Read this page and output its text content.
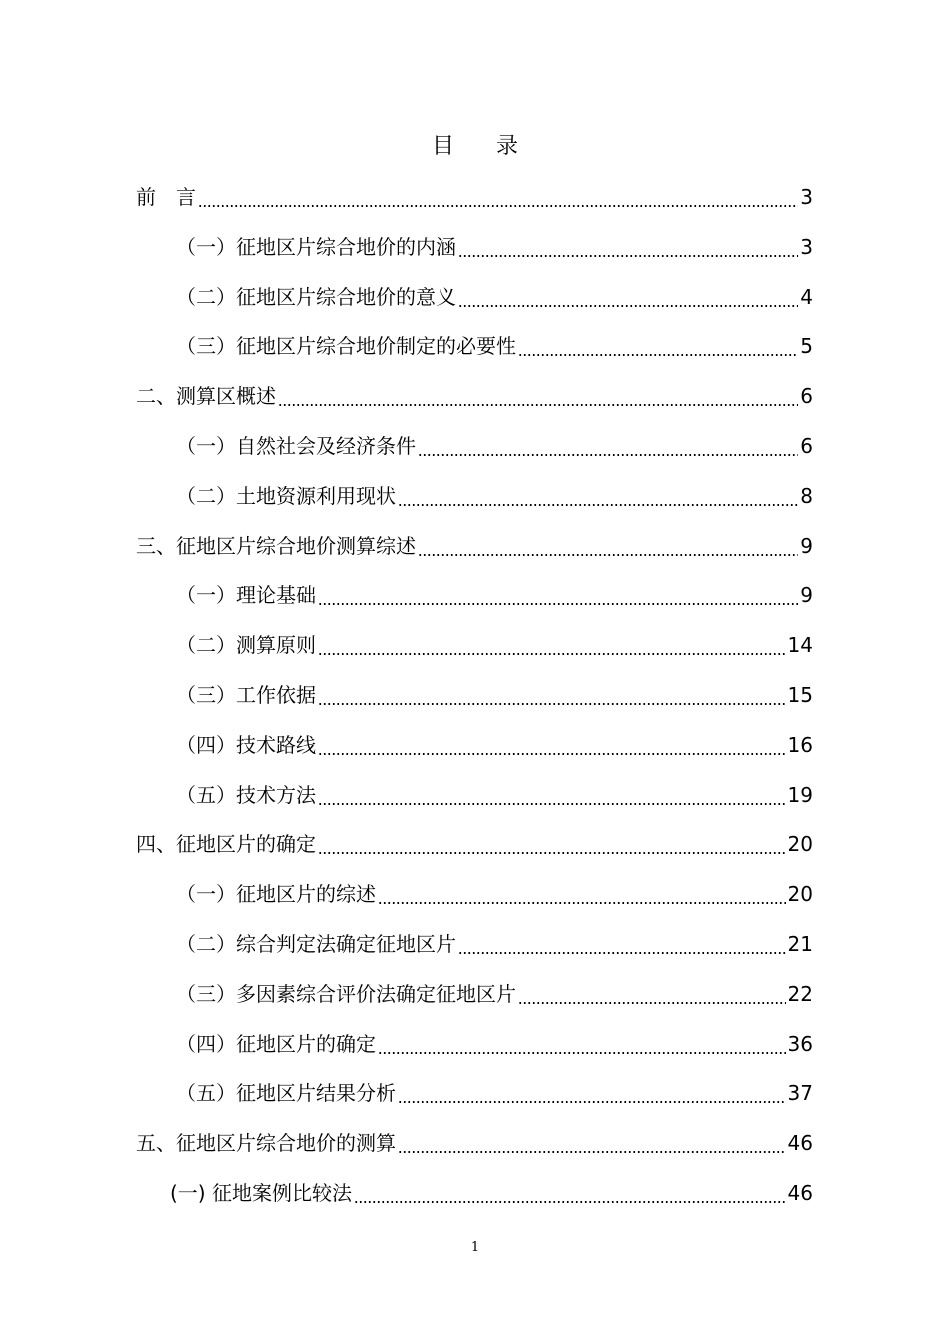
目录
前　言	3
（一）征地区片综合地价的内涵	3
（二）征地区片综合地价的意义	4
（三）征地区片综合地价制定的必要性	5
二、测算区概述	6
（一）自然社会及经济条件	6
（二）土地资源利用现状	8
三、征地区片综合地价测算综述	9
（一）理论基础	9
（二）测算原则	14
（三）工作依据	15
（四）技术路线	16
（五）技术方法	19
四、征地区片的确定	20
（一）征地区片的综述	20
（二）综合判定法确定征地区片	21
（三）多因素综合评价法确定征地区片	22
（四）征地区片的确定	36
（五）征地区片结果分析	37
五、征地区片综合地价的测算	46
(一) 征地案例比较法	46
1
